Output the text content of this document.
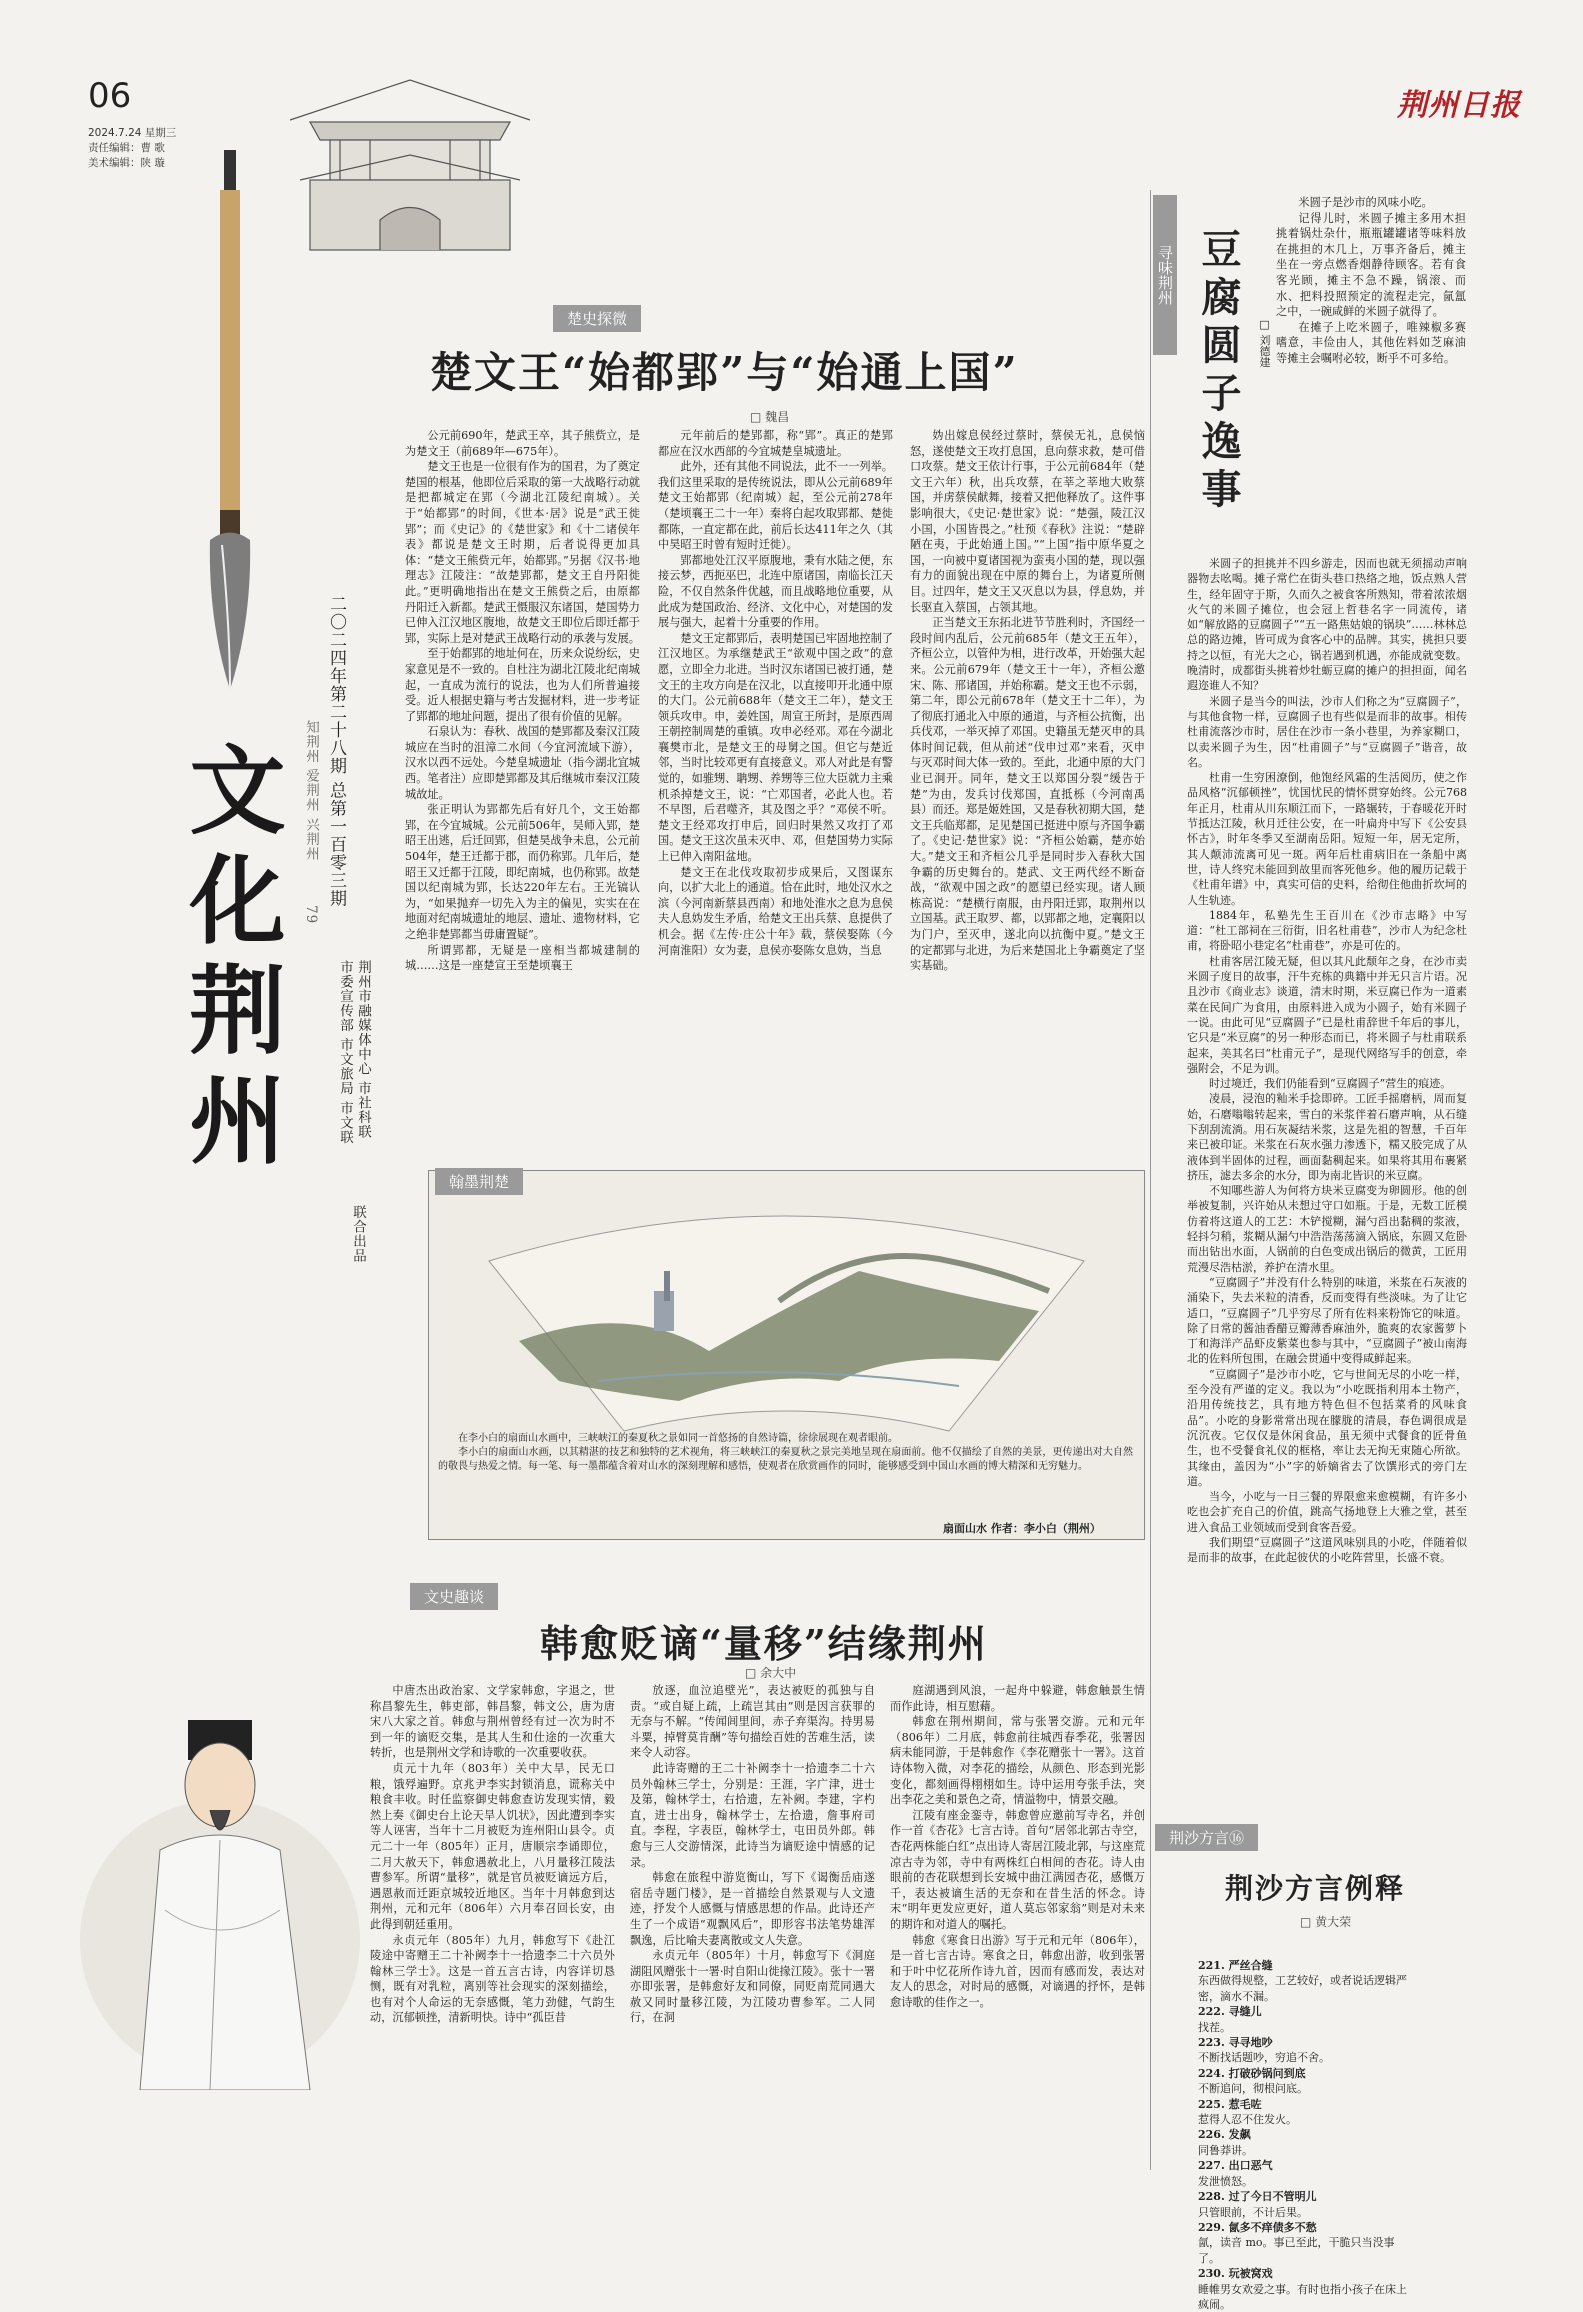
06
2024.7.24 星期三
责任编辑：曹 歌
美术编辑：陕 璇
荆州日报
文化荆州 二〇二四年第二十八期 总第一百零三期
知荆州 爱荆州 兴荆州
79
荆州市融媒体中心 市社科联
市委宣传部 市文旅局 市文联
联合出品
楚史探微
楚文王“始都郢”与“始通上国”
□ 魏昌

公元前690年，楚武王卒，其子熊赀立，是为楚文王（前689年—675年）。

楚文王也是一位很有作为的国君，为了奠定楚国的根基，他即位后采取的第一大战略行动就是把都城定在郢（今湖北江陵纪南城）。关于“始都郢”的时间，《世本·居》说是“武王徙郢”；而《史记》的《楚世家》和《十二诸侯年表》都说是楚文王时期，后者说得更加具体：“楚文王熊赀元年，始都郢。”另据《汉书·地理志》江陵注：“故楚郢都，楚文王自丹阳徙此。”更明确地指出在楚文王熊赀之后，由原都丹阳迁入新都。楚武王慑服汉东诸国，楚国势力已伸入江汉地区腹地，故楚文王即位后即迁都于郢，实际上是对楚武王战略行动的承袭与发展。

至于始都郢的地址何在，历来众说纷纭，史家意见是不一致的。自杜注为湖北江陵北纪南城起，一直成为流行的说法，也为人们所普遍接受。近人根据史籍与考古发掘材料，进一步考证了郢都的地址问题，提出了很有价值的见解。

石泉认为：春秋、战国的楚郢都及秦汉江陵城应在当时的沮漳二水间（今宜河流域下游），汉水以西不远处。今楚皇城遗址（指今湖北宜城西。笔者注）应即楚郢都及其后继城市秦汉江陵城故址。

张正明认为郢都先后有好几个，文王始都郢，在今宜城城。公元前506年，吴师入郢，楚昭王出逃，后迁回郢，但楚昊战争未息，公元前504年，楚王迁都于郡，而仍称郢。几年后，楚昭王又迁都于江陵，即纪南城，也仍称郢。故楚国以纪南城为郢，长达220年左右。王光镐认为，“如果抛弃一切先入为主的偏见，实实在在地面对纪南城遗址的地层、遗址、遗物材料，它之绝非楚郢都当毋庸置疑”。

所谓郢都，无疑是一座相当都城建制的城……这是一座楚宣王至楚顷襄王

元年前后的楚郢都，称“郢”。真正的楚郢都应在汉水西部的今宜城楚皇城遗址。

此外，还有其他不同说法，此不一一列举。我们这里采取的是传统说法，即从公元前689年楚文王始都郢（纪南城）起，至公元前278年（楚顷襄王二十一年）秦将白起攻取郢都、楚徙都陈，一直定都在此，前后长达411年之久（其中昊昭王时曾有短时迁徙）。

郢都地处江汉平原腹地，秉有水陆之便，东接云梦，西扼巫巴，北连中原诸国，南临长江天险，不仅自然条件优越，而且战略地位重要，从此成为楚国政治、经济、文化中心，对楚国的发展与强大，起着十分重要的作用。

楚文王定都郢后，表明楚国已牢固地控制了江汉地区。为承继楚武王“欲观中国之政”的意愿，立即全力北进。当时汉东诸国已被打通，楚文王的主攻方向是在汉北，以直接叩开北通中原的大门。公元前688年（楚文王二年），楚文王领兵攻申。申，姜姓国，周宣王所封，是原西周王朝控制周楚的重镇。攻申必经邓。邓在今湖北襄樊市北，是楚文王的母舅之国。但它与楚近邻，当时比较邓更有直接意义。邓人对此是有警觉的，如骓甥、聃甥、养甥等三位大臣就力主乘机杀掉楚文王，说：“亡邓国者，必此人也。若不早图，后君噬齐，其及图之乎？”邓侯不听。楚文王经邓攻打申后，回归时果然又攻打了邓国。楚文王这次虽未灭申、邓，但楚国势力实际上已伸入南阳盆地。

楚文王在北伐攻取初步成果后，又图谋东向，以扩大北上的通道。恰在此时，地处汉水之滨（今河南新蔡县西南）和地处淮水之息为息侯夫人息妫发生矛盾，给楚文王出兵蔡、息提供了机会。据《左传·庄公十年》载，蔡侯娶陈（今河南淮阳）女为妻，息侯亦娶陈女息妫，当息

妫出嫁息侯经过蔡时，蔡侯无礼，息侯恼怒，遂使楚文王攻打息国，息向蔡求救，楚可借口攻蔡。楚文王依计行事，于公元前684年（楚文王六年）秋，出兵攻蔡，在莘之莘地大败蔡国，并虏蔡侯献舞，接着又把他释放了。这件事影响很大，《史记·楚世家》说：“楚强，陵江汉小国，小国皆畏之。”杜预《春秋》注说：“楚辟陋在夷，于此始通上国。”“上国”指中原华夏之国，一向被中夏诸国视为蛮夷小国的楚，现以强有力的面貌出现在中原的舞台上，为诸夏所侧目。过四年，楚文王又灭息以为县，俘息妫，并长驱直入蔡国，占领其地。

正当楚文王东拓北进节节胜利时，齐国经一段时间内乱后，公元前685年（楚文王五年），齐桓公立，以管仲为相，进行改革，开始强大起来。公元前679年（楚文王十一年），齐桓公邀宋、陈、邢诸国，并始称霸。楚文王也不示弱，第二年，即公元前678年（楚文王十二年），为了彻底打通北入中原的通道，与齐桓公抗衡，出兵伐邓，一举灭掉了邓国。史籍虽无楚灭申的具体时间记载，但从前述“伐申过邓”来看，灭申与灭邓时间大体一致的。至此，北通中原的大门业已洞开。同年，楚文王以郑国分裂“缓告于楚”为由，发兵讨伐郑国，直抵栎（今河南禹县）而还。郑是姬姓国，又是春秋初期大国，楚文王兵临郑都，足见楚国已挺进中原与齐国争霸了。《史记·楚世家》说：“齐桓公始霸，楚亦始大。”楚文王和齐桓公几乎是同时步入春秋大国争霸的历史舞台的。楚武、文王两代经不断奋战，“欲观中国之政”的愿望已经实现。诸人顾栋高说：“楚横行南服，由丹阳迁郢，取荆州以立国基。武王取罗、都，以郢都之地，定襄阳以为门户，至灭申，遂北向以抗衡中夏。”楚文王的定都郢与北进，为后来楚国北上争霸奠定了坚实基础。

翰墨荆楚

在李小白的扇面山水画中，三峡峡江的秦夏秋之景如同一首悠扬的自然诗篇，徐徐展现在观者眼前。

李小白的扇面山水画，以其精湛的技艺和独特的艺术视角，将三峡峡江的秦夏秋之景完美地呈现在扇面前。他不仅描绘了自然的美景，更传递出对大自然的敬畏与热爱之情。每一笔、每一墨都蕴含着对山水的深刻理解和感悟，使观者在欣赏画作的同时，能够感受到中国山水画的博大精深和无穷魅力。

扇面山水 作者：李小白（荆州）
文史趣谈
韩愈贬谪“量移”结缘荆州
□ 余大中

中唐杰出政治家、文学家韩愈，字退之，世称昌黎先生，韩吏部，韩昌黎，韩文公，唐为唐宋八大家之首。韩愈与荆州曾经有过一次为时不到一年的谪贬交集，是其人生和仕途的一次重大转折，也是荆州文学和诗歌的一次重要收获。

贞元十九年（803年）关中大旱，民无口粮，饿殍遍野。京兆尹李实封锁消息，谎称关中粮食丰收。时任监察御史韩愈查访发现实情，毅然上奏《御史台上论天旱人饥状》，因此遭到李实等人诬害，当年十二月被贬为连州阳山县令。贞元二十一年（805年）正月，唐顺宗李诵即位，二月大赦天下，韩愈遇赦北上，八月量移江陵法曹参军。所谓“量移”，就是官员被贬谪远方后，遇恩赦而迁距京城较近地区。当年十月韩愈到达荆州，元和元年（806年）六月奉召回长安，由此得到朝廷重用。

永贞元年（805年）九月，韩愈写下《赴江陵途中寄赠王二十补阙李十一拾遗李二十六员外翰林三学士》。这是一首五言古诗，内容详切恳恻，既有对乳粒，离别等社会现实的深刻描绘，也有对个人命运的无奈感慨，笔力劲健，气韵生动，沉郁顿挫，清新明快。诗中“孤臣昔

放逐，血泣追壁光”，表达被贬的孤独与自责。“或自疑上疏，上疏岂其由”则是因言获罪的无奈与不解。“传闻闾里间，赤子弃渠沟。持男易斗粟，掉臂莫肯酬”等句描绘百姓的苦难生活，读来令人动容。

此诗寄赠的王二十补阙李十一拾遗李二十六员外翰林三学士，分别是：王涯，字广津，进士及第，翰林学士，右拾遗，左补阙。李建，字杓直，进士出身，翰林学士，左拾遗，詹事府司直。李程，字表臣，翰林学士，屯田员外郎。韩愈与三人交游情深，此诗当为谪贬途中情感的记录。

韩愈在旅程中游览衡山，写下《谒衡岳庙遂宿岳寺题门楼》，是一首描绘自然景观与人文遗迹，抒发个人感慨与情感思想的作品。此诗还产生了一个成语“观飘风后”，即形容书法笔势雄浑飘逸，后比喻夫妻离散或文人失意。

永贞元年（805年）十月，韩愈写下《洞庭湖阻风赠张十一署·时自阳山徙掾江陵》。张十一署亦即张署，是韩愈好友和同僚，同贬南荒同遇大赦又同时量移江陵，为江陵功曹参军。二人同行，在洞

庭湖遇到风浪，一起舟中躲避，韩愈触景生情而作此诗，相互慰藉。

韩愈在荆州期间，常与张署交游。元和元年（806年）二月底，韩愈前往城西春季花，张署因病未能同游，于是韩愈作《李花赠张十一署》。这首诗体物入微，对李花的描绘，从颜色、形态到光影变化，都刻画得栩栩如生。诗中运用夸张手法，突出李花之美和景色之奇，情溢物中，情景交融。

江陵有座金銮寺，韩愈曾应邀前写寺名，并创作一首《杏花》七言古诗。首句“居邻北郭古寺空，杏花两株能白红”点出诗人寄居江陵北郭，与这座荒凉古寺为邻，寺中有两株红白相间的杏花。诗人由眼前的杏花联想到长安城中曲江满园杏花，感慨万千，表达被谪生活的无奈和在昔生活的怀念。诗末“明年更发应更好，道人莫忘邻家翁”则是对未来的期许和对道人的嘱托。

韩愈《寒食日出游》写于元和元年（806年），是一首七言古诗。寒食之日，韩愈出游，收到张署和于叶中忆花所作诗九首，因而有感而发，表达对友人的思念，对时局的感慨，对谪遇的抒怀，是韩愈诗歌的佳作之一。

寻味荆州 豆腐圆子逸事	□ 刘德建

米圆子是沙市的风味小吃。

记得儿时，米圆子摊主多用木担挑着锅灶杂什，瓶瓶罐罐诸等味料放在挑担的木几上，万事齐备后，摊主坐在一旁点燃香烟静待顾客。若有食客光顾，摊主不急不躁，锅滚、而水、把料投照预定的流程走完，氤氲之中，一碗咸鲜的米圆子就得了。

在摊子上吃米圆子，唯辣椒多赛嗜意，丰俭由人，其他佐料如芝麻油等摊主会嘱咐必较，断乎不可多给。

米圆子的担挑并不四乡游走，因而也就无须摇动声响器物去吆喝。摊子常伫在街头巷口热络之地，饭点熟人营生，经年固守于斯，久而久之被食客所熟知，带着浓浓烟火气的米圆子摊位，也会冠上哲巷名字一同流传，诸如“解放路的豆腐圆子”“五一路焦姑娘的锅块”……林林总总的路边摊，皆可成为食客心中的品牌。其实，挑担只要持之以恒，有光大之心，锅若遇到机遇，亦能成就变数。晚清时，成都街头挑着炒牡蛎豆腐的摊户的担担面，闻名遐迩谁人不知？

米圆子是当今的叫法，沙市人们称之为“豆腐圆子”，与其他食物一样，豆腐圆子也有些似是而非的故事。相传杜甫流落沙市时，居住在沙市一条小巷里，为养家糊口，以卖米圆子为生，因“杜甫圆子”与“豆腐圆子”谐音，故名。

杜甫一生穷困潦倒，他饱经风霜的生活阅历，使之作品风格“沉郁顿挫”，忧国忧民的情怀贯穿始终。公元768年正月，杜甫从川东顺江而下，一路辗转，于春暖花开时节抵达江陵，秋月迁往公安，在一叶扁舟中写下《公安县怀古》，时年冬季又至湖南岳阳。短短一年，居无定所，其人颠沛流离可见一斑。两年后杜甫病旧在一条船中离世，诗人终究未能回到故里而客死他乡。他的履历记载于《杜甫年谱》中，真实可信的史料，给彻住他曲折坎坷的人生轨迹。

1884年，私塾先生王百川在《沙市志略》中写道：“杜工部祠在三衍街，旧名杜甫巷”，沙市人为纪念杜甫，将卧昭小巷定名“杜甫巷”，亦是可佐的。

杜甫客居江陵无疑，但以其凡此颓年之身，在沙市卖米圆子度日的故事，汗牛充栋的典籍中并无只言片语。况且沙市《商业志》谈道，清末时期，米豆腐已作为一道素菜在民间广为食用，由原料进入成为小圆子，始有米圆子一说。由此可见“豆腐圆子”已是杜甫辞世千年后的事儿，它只是“米豆腐”的另一种形态而已，将米圆子与杜甫联系起来，美其名曰“杜甫元子”，是现代网络写手的创意，牵强附会，不足为训。

时过境迁，我们仍能看到“豆腐圆子”营生的痕迹。

凌晨，浸泡的籼米手捻即碎。工匠手摇磨柄，周而复始，石磨嗡嗡转起来，雪白的米浆伴着石磨声响，从石缝下刮刮流淌。用石灰凝结米浆，这是先祖的智慧，千百年来已被印证。米浆在石灰水强力渗透下，糯又胶完成了从液体到半固体的过程，画面黏稠起来。如果将其用布裹紧挤压，滤去多余的水分，即为南北皆识的米豆腐。

不知哪些游人为何将方块米豆腐变为卵圆形。他的创举被复制，兴许始从未想过守口如瓶。于是，无数工匠模仿着将这道人的工艺：木铲搅糊，漏勺舀出黏稠的浆液，轻抖匀稍，浆糊从漏勺中浩浩荡荡滴入锅底，东圆又危卧而出钻出水面，人锅前的白色变成出锅后的微黄，工匠用荒漫尽浩枯淤，养护在清水里。

“豆腐圆子”并没有什么特别的味道，米浆在石灰液的涌染下，失去米粒的清香，反而变得有些淡味。为了让它适口，“豆腐圆子”几乎穷尽了所有佐料来粉饰它的味道。除了日常的酱油香醋豆瓣薄香麻油外，脆爽的农家酱萝卜丁和海洋产品虾皮紫菜也参与其中，“豆腐圆子”被山南海北的佐料所包围，在融会贯通中变得咸鲜起来。

“豆腐圆子”是沙市小吃，它与世间无尽的小吃一样，至今没有严谨的定义。我以为“小吃既指利用本土物产，沿用传统技艺，具有地方特色但不包括菜肴的风味食品”。小吃的身影常常出现在朦胧的清晨，春色调很成是沉沉夜。它仅仅是休闲食品，虽无须中式餐食的匠骨鱼生，也不受餐食礼仪的框格，率让去无拘无束随心所欲。其缘由，盖因为“小”字的娇嫡省去了饮馔形式的旁门左道。

当今，小吃与一日三餐的界限愈来愈模糊，有许多小吃也会扩充自己的价值，跳高气扬地登上大雅之堂，甚至进入食品工业领域而受到食客吾爱。

我们期望“豆腐圆子”这道风味别具的小吃，伴随着似是而非的故事，在此起彼伏的小吃阵营里，长盛不衰。

荆沙方言⑯
荆沙方言例释
□ 黄大荣
221. 严丝合缝
东西做得规整，工艺较好，或者说话逻辑严密，滴水不漏。
222. 寻缝儿
找茬。
223. 寻寻地吵
不断找话题吵，穷追不舍。
224. 打破砂锅问到底
不断追问，彻根问底。
225. 惹毛咗
惹得人忍不住发火。
226. 发飙
同鲁莽讲。
227. 出口恶气
发泄愤怒。
228. 过了今日不管明儿
只管眼前，不计后果。
229. 氤多不痒债多不愁
氤，读音 mo。事已至此，干脆只当没事了。
230. 玩被窝戏
睡帷男女欢爱之事。有时也指小孩子在床上疯闹。
